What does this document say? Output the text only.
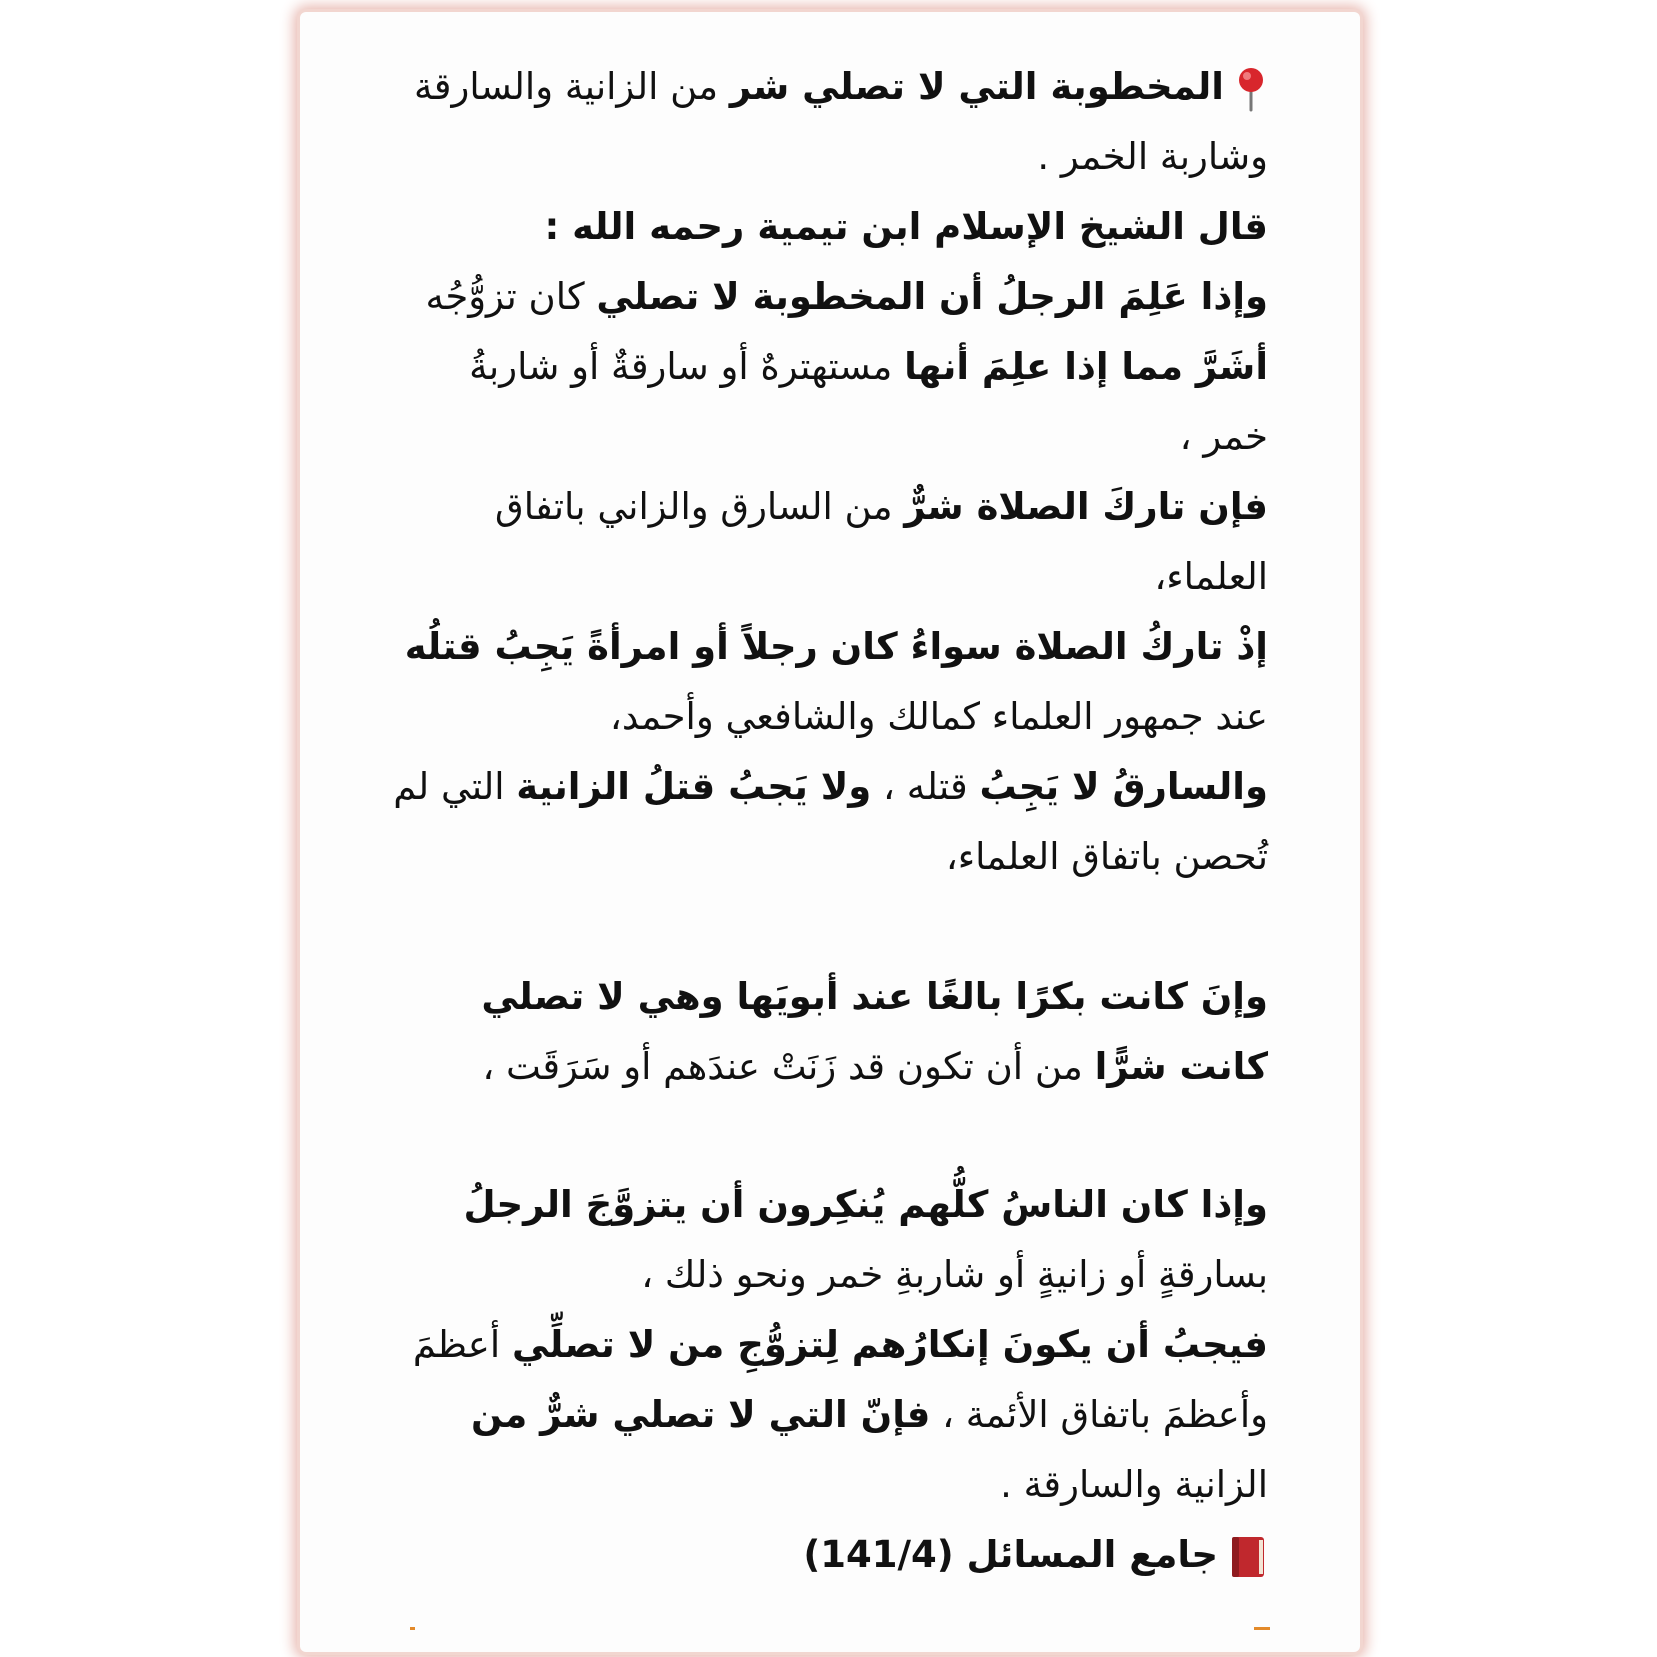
المخطوبة التي لا تصلي شر من الزانية والسارقة
وشاربة الخمر .
قال الشيخ الإسلام ابن تيمية رحمه الله :
وإذا عَلِمَ الرجلُ أن المخطوبة لا تصلي كان تزوُّجُه
أشَرَّ مما إذا علِمَ أنها مستهترهٌ أو سارقةٌ أو شاربةُ
خمر ،
فإن تاركَ الصلاة شرٌّ من السارق والزاني باتفاق
العلماء،
إذْ تاركُ الصلاة سواءُ كان رجلاً أو امرأةً يَجِبُ قتلُه
عند جمهور العلماء كمالك والشافعي وأحمد،
والسارقُ لا يَجِبُ قتله ، ولا يَجبُ قتلُ الزانية التي لم
تُحصن باتفاق العلماء،
وإنَ كانت بكرًا بالغًا عند أبويَها وهي لا تصلي
كانت شرًّا من أن تكون قد زَنَتْ عندَهم أو سَرَقَت ،
وإذا كان الناسُ كلُّهم يُنكِرون أن يتزوَّجَ الرجلُ
بسارقةٍ أو زانيةٍ أو شاربةِ خمر ونحو ذلك ،
فيجبُ أن يكونَ إنكارُهم لِتزوُّجِ من لا تصلِّي أعظمَ
وأعظمَ باتفاق الأئمة ، فإنّ التي لا تصلي شرٌّ من
الزانية والسارقة .
جامع المسائل (141/4)
